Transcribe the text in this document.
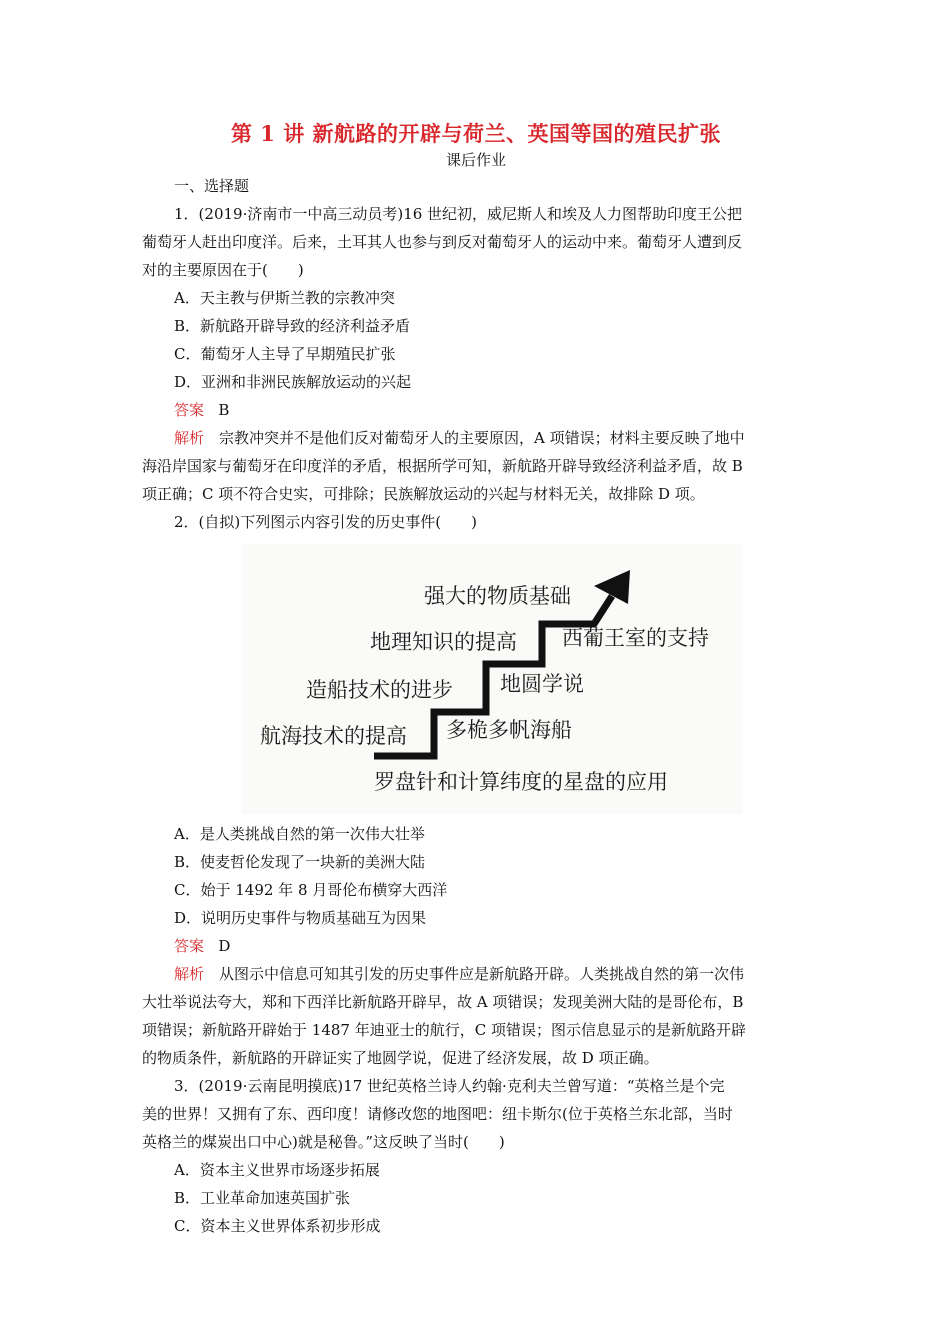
第 1 讲 新航路的开辟与荷兰、英国等国的殖民扩张
课后作业
一、选择题
1．(2019·济南市一中高三动员考)16 世纪初，威尼斯人和埃及人力图帮助印度王公把
葡萄牙人赶出印度洋。后来，土耳其人也参与到反对葡萄牙人的运动中来。葡萄牙人遭到反
对的主要原因在于(　　)
A．天主教与伊斯兰教的宗教冲突
B．新航路开辟导致的经济利益矛盾
C．葡萄牙人主导了早期殖民扩张
D．亚洲和非洲民族解放运动的兴起
答案 B
解析　宗教冲突并不是他们反对葡萄牙人的主要原因，A 项错误；材料主要反映了地中
海沿岸国家与葡萄牙在印度洋的矛盾，根据所学可知，新航路开辟导致经济利益矛盾，故 B
项正确；C 项不符合史实，可排除；民族解放运动的兴起与材料无关，故排除 D 项。
2．(自拟)下列图示内容引发的历史事件(　　)
强大的物质基础
地理知识的提高 西葡王室的支持
造船技术的进步 地圆学说
航海技术的提高 多桅多帆海船
罗盘针和计算纬度的星盘的应用
A．是人类挑战自然的第一次伟大壮举
B．使麦哲伦发现了一块新的美洲大陆
C．始于 1492 年 8 月哥伦布横穿大西洋
D．说明历史事件与物质基础互为因果
答案 D
解析　从图示中信息可知其引发的历史事件应是新航路开辟。人类挑战自然的第一次伟
大壮举说法夸大，郑和下西洋比新航路开辟早，故 A 项错误；发现美洲大陆的是哥伦布，B
项错误；新航路开辟始于 1487 年迪亚士的航行，C 项错误；图示信息显示的是新航路开辟
的物质条件，新航路的开辟证实了地圆学说，促进了经济发展，故 D 项正确。
3．(2019·云南昆明摸底)17 世纪英格兰诗人约翰·克利夫兰曾写道：“英格兰是个完
美的世界！又拥有了东、西印度！请修改您的地图吧：纽卡斯尔(位于英格兰东北部，当时
英格兰的煤炭出口中心)就是秘鲁。”这反映了当时(　　)
A．资本主义世界市场逐步拓展
B．工业革命加速英国扩张
C．资本主义世界体系初步形成
